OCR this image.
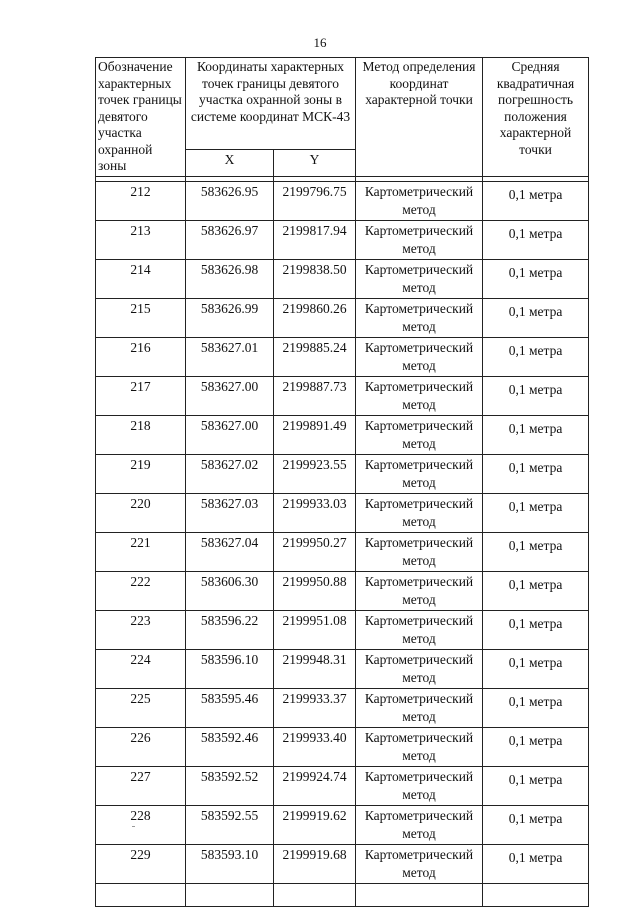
16
Обозначение характерных точек границы девятого участка охранной зоны	Координаты характерных точек границы девятого участка охранной зоны в системе координат МСК-43		Метод определения координат характерной точки	Средняя квадратичная погрешность положения характерной точки
	X	Y		

212	583626.95	2199796.75	Картометрический метод	0,1 метра
213	583626.97	2199817.94	Картометрический метод	0,1 метра
214	583626.98	2199838.50	Картометрический метод	0,1 метра
215	583626.99	2199860.26	Картометрический метод	0,1 метра
216	583627.01	2199885.24	Картометрический метод	0,1 метра
217	583627.00	2199887.73	Картометрический метод	0,1 метра
218	583627.00	2199891.49	Картометрический метод	0,1 метра
219	583627.02	2199923.55	Картометрический метод	0,1 метра
220	583627.03	2199933.03	Картометрический метод	0,1 метра
221	583627.04	2199950.27	Картометрический метод	0,1 метра
222	583606.30	2199950.88	Картометрический метод	0,1 метра
223	583596.22	2199951.08	Картометрический метод	0,1 метра
224	583596.10	2199948.31	Картометрический метод	0,1 метра
225	583595.46	2199933.37	Картометрический метод	0,1 метра
226	583592.46	2199933.40	Картометрический метод	0,1 метра
227	583592.52	2199924.74	Картометрический метод	0,1 метра
228	583592.55	2199919.62	Картометрический метод	0,1 метра
229	583593.10	2199919.68	Картометрический метод	0,1 метра
